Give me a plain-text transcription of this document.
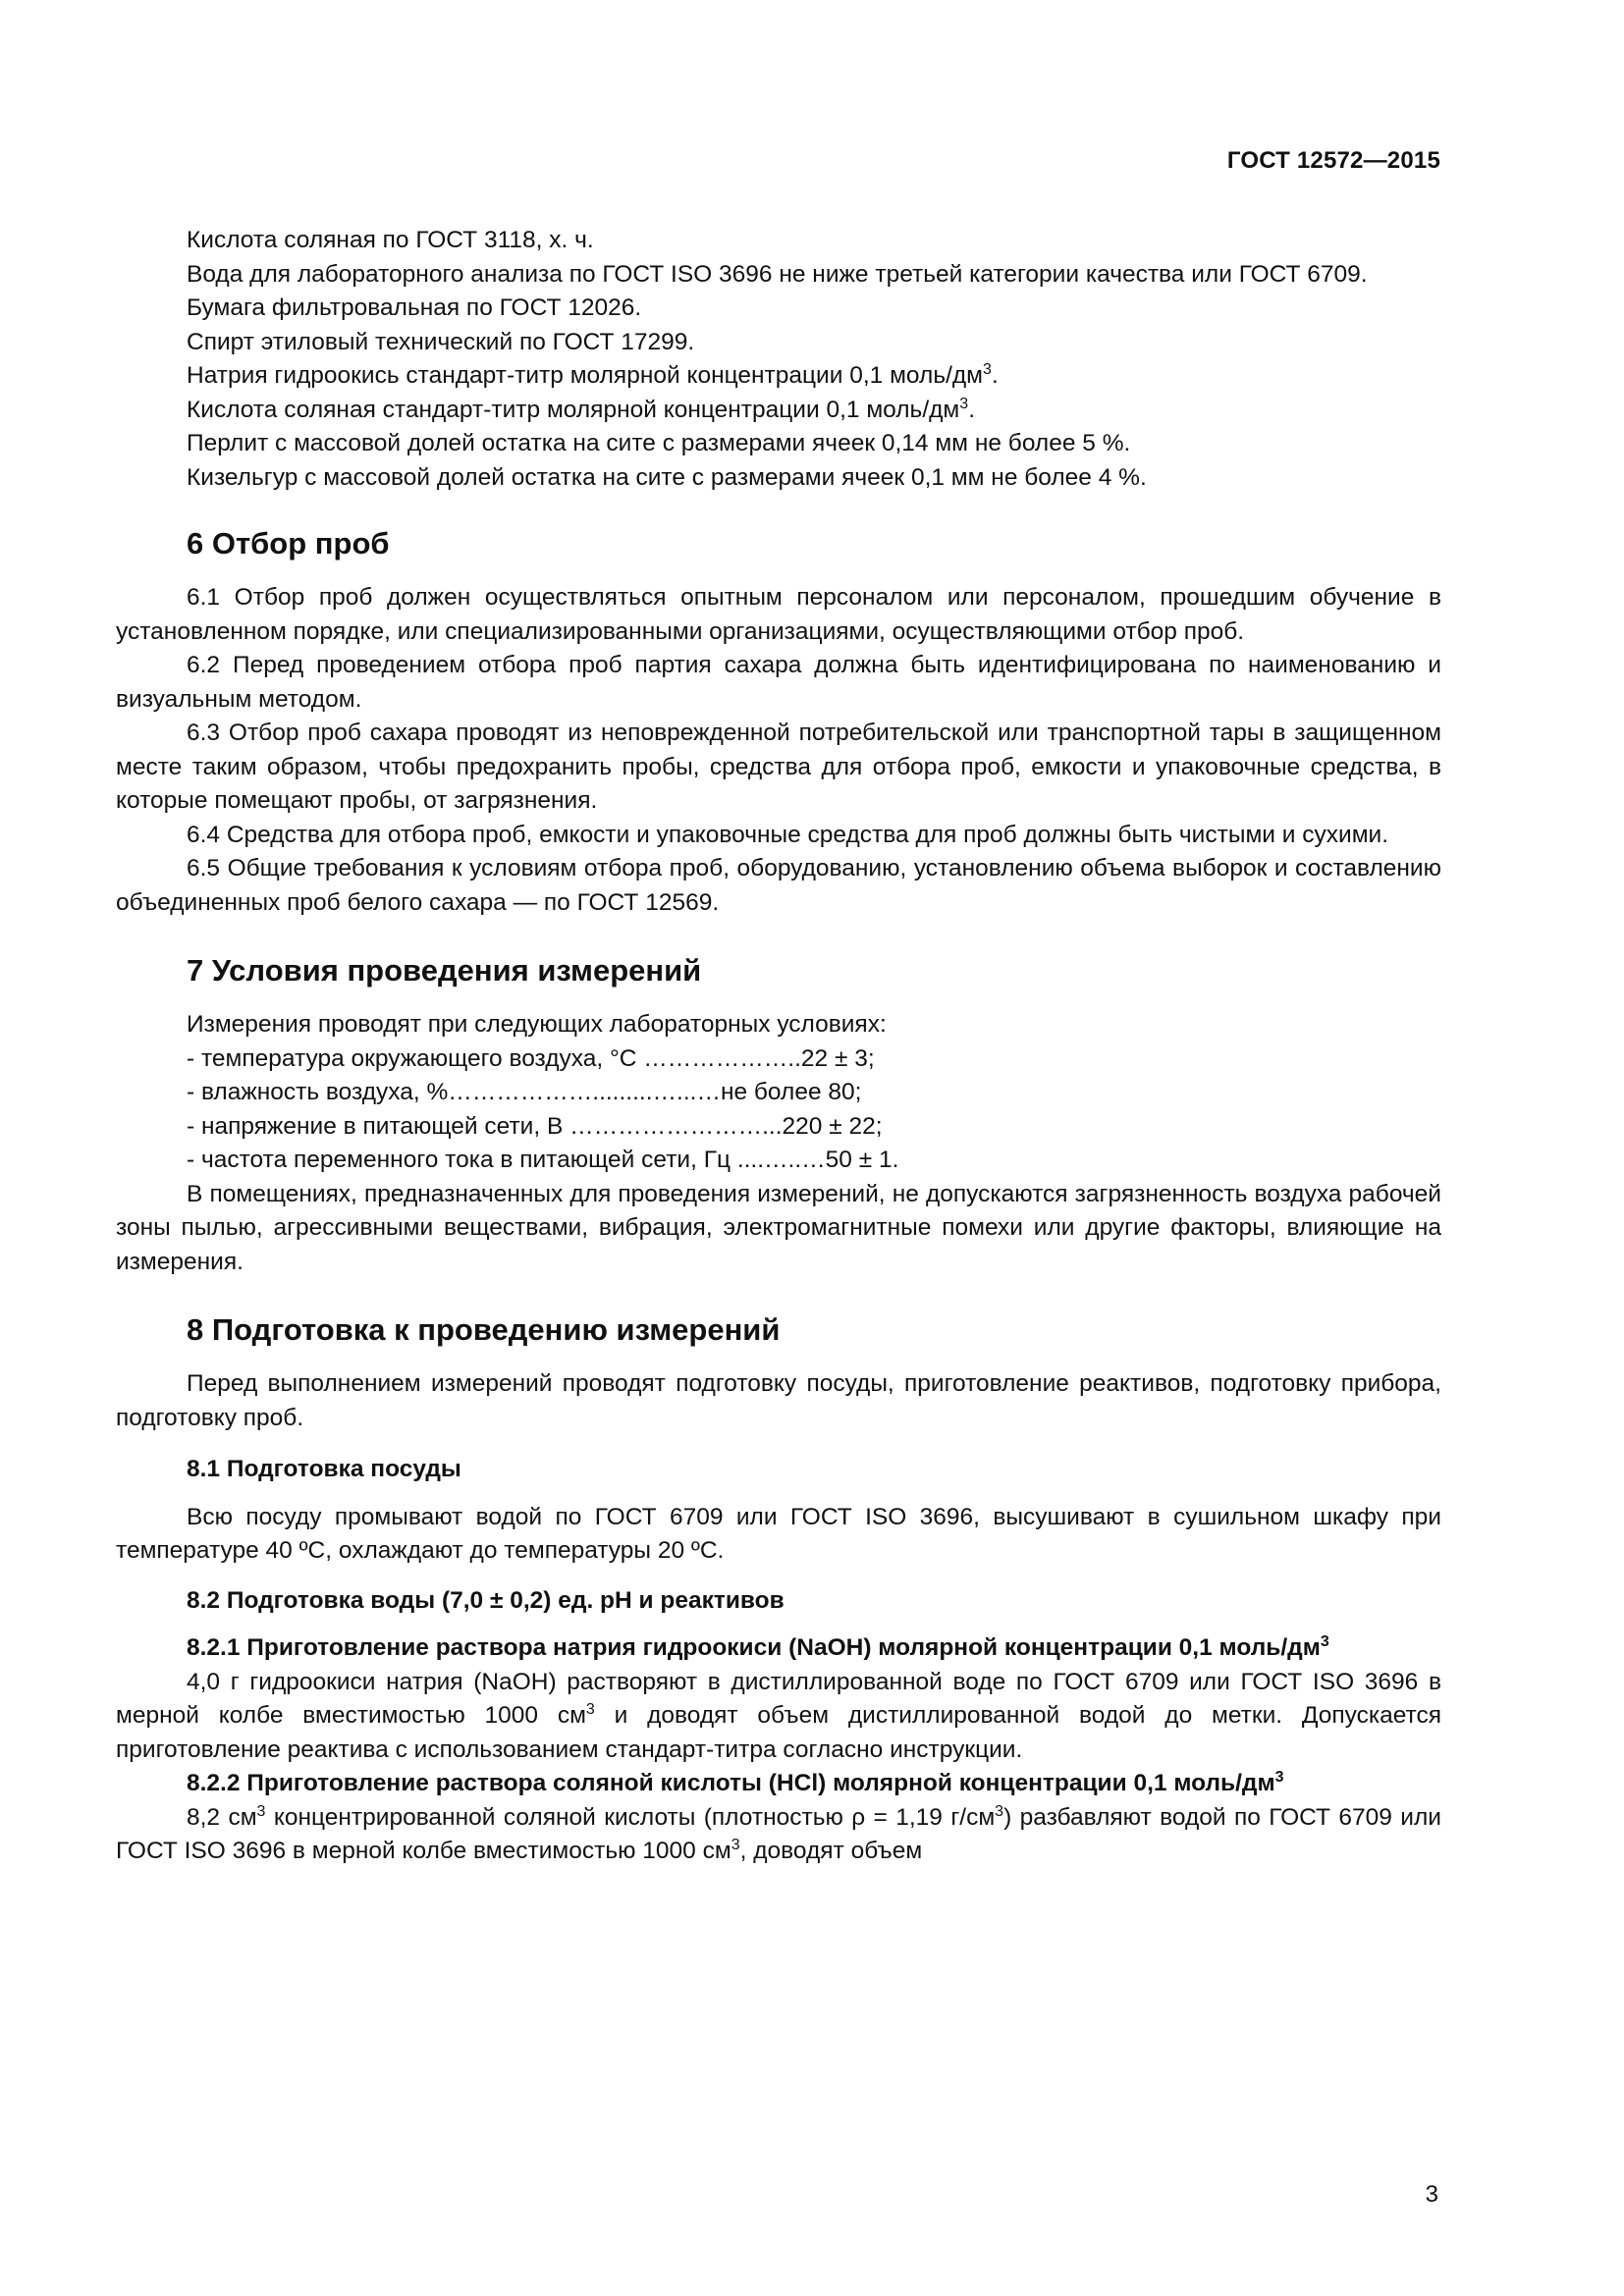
ГОСТ 12572—2015

Кислота соляная по ГОСТ 3118, х. ч.

Вода для лабораторного анализа по ГОСТ ISO 3696 не ниже третьей категории качества или ГОСТ 6709.

Бумага фильтровальная по ГОСТ 12026.

Спирт этиловый технический по ГОСТ 17299.

Натрия гидроокись стандарт-титр молярной концентрации 0,1 моль/$дм^3$.

Кислота соляная стандарт-титр молярной концентрации 0,1 моль/$дм^3$.

Перлит с массовой долей остатка на сите с размерами ячеек 0,14 мм не более 5 %.

Кизельгур с массовой долей остатка на сите с размерами ячеек 0,1 мм не более 4 %.

6 Отбор проб

6.1 Отбор проб должен осуществляться опытным персоналом или персоналом, прошедшим обучение в установленном порядке, или специализированными организациями, осуществляющими отбор проб.

6.2 Перед проведением отбора проб партия сахара должна быть идентифицирована по наименованию и визуальным методом.

6.3 Отбор проб сахара проводят из неповрежденной потребительской или транспортной тары в защищенном месте таким образом, чтобы предохранить пробы, средства для отбора проб, емкости и упаковочные средства, в которые помещают пробы, от загрязнения.

6.4 Средства для отбора проб, емкости и упаковочные средства для проб должны быть чистыми и сухими.

6.5 Общие требования к условиям отбора проб, оборудованию, установлению объема выборок и составлению объединенных проб белого сахара — по ГОСТ 12569.

7 Условия проведения измерений

Измерения проводят при следующих лабораторных условиях:

- температура окружающего воздуха, °С ………………..22 ± 3;

- влажность воздуха, %……………….........…...…не более 80;

- напряжение в питающей сети, В ……………………...220 ± 22;

- частота переменного тока в питающей сети, Гц ....…..…50 ± 1.

В помещениях, предназначенных для проведения измерений, не допускаются загрязненность воздуха рабочей зоны пылью, агрессивными веществами, вибрация, электромагнитные помехи или другие факторы, влияющие на измерения.

8 Подготовка к проведению измерений

Перед выполнением измерений проводят подготовку посуды, приготовление реактивов, подготовку прибора, подготовку проб.

8.1 Подготовка посуды

Всю посуду промывают водой по ГОСТ 6709 или ГОСТ ISO 3696, высушивают в сушильном шкафу при температуре 40 ºС, охлаждают до температуры 20 ºС.

8.2 Подготовка воды (7,0 ± 0,2) ед. pH и реактивов

8.2.1 Приготовление раствора натрия гидроокиси (NaOH) молярной концентрации 0,1 моль/$дм^3$

4,0 г гидроокиси натрия (NaOH) растворяют в дистиллированной воде по ГОСТ 6709 или ГОСТ ISO 3696 в мерной колбе вместимостью 1000 $см^3$ и доводят объем дистиллированной водой до метки. Допускается приготовление реактива с использованием стандарт-титра согласно инструкции.

8.2.2 Приготовление раствора соляной кислоты (HCl) молярной концентрации 0,1 моль/$дм^3$

8,2 $см^3$ концентрированной соляной кислоты (плотностью ρ = 1,19 $г/см^3$) разбавляют водой по ГОСТ 6709 или ГОСТ ISO 3696 в мерной колбе вместимостью 1000 $см^3$, доводят объем

3
